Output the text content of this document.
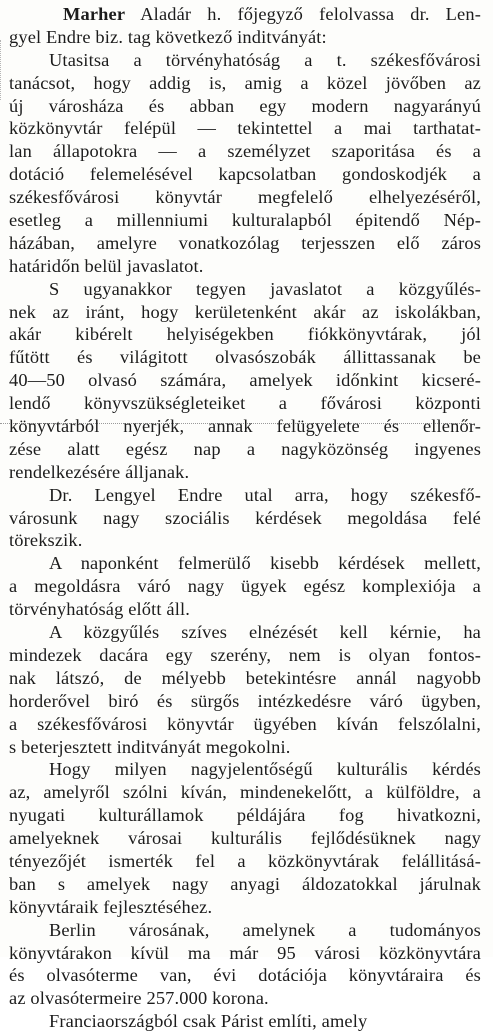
Marher Aladár h. főjegyző felolvassa dr. Len-
gyel Endre biz. tag következő inditványát:
Utasitsa a törvényhatóság a t. székesfővárosi
tanácsot, hogy addig is, amig a közel jövőben az
új városháza és abban egy modern nagyarányú
közkönyvtár felépül — tekintettel a mai tarthatat-
lan állapotokra — a személyzet szaporitása és a
dotáció felemelésével kapcsolatban gondoskodjék a
székesfővárosi könyvtár megfelelő elhelyezéséről,
esetleg a millenniumi kulturalapból épitendő Nép-
házában, amelyre vonatkozólag terjesszen elő záros
határidőn belül javaslatot.
S ugyanakkor tegyen javaslatot a közgyűlés-
nek az iránt, hogy kerületenként akár az iskolákban,
akár kibérelt helyiségekben fiókkönyvtárak, jól
fűtött és világitott olvasószobák állittassanak be
40—50 olvasó számára, amelyek időnkint kicseré-
lendő könyvszükségleteiket a fővárosi központi
könyvtárból nyerjék, annak felügyelete és ellenőr-
zése alatt egész nap a nagyközönség ingyenes
rendelkezésére álljanak.
Dr. Lengyel Endre utal arra, hogy székesfő-
városunk nagy szociális kérdések megoldása felé
törekszik.
A naponként felmerülő kisebb kérdések mellett,
a megoldásra váró nagy ügyek egész komplexiója a
törvényhatóság előtt áll.
A közgyűlés szíves elnézését kell kérnie, ha
mindezek dacára egy szerény, nem is olyan fontos-
nak látszó, de mélyebb betekintésre annál nagyobb
horderővel biró és sürgős intézkedésre váró ügyben,
a székesfővárosi könyvtár ügyében kíván felszólalni,
s beterjesztett inditványát megokolni.
Hogy milyen nagyjelentőségű kulturális kérdés
az, amelyről szólni kíván, mindenekelőtt, a külföldre, a
nyugati kulturállamok példájára fog hivatkozni,
amelyeknek városai kulturális fejlődésüknek nagy
tényezőjét ismerték fel a közkönyvtárak felállitásá-
ban s amelyek nagy anyagi áldozatokkal járulnak
könyvtáraik fejlesztéséhez.
Berlin városának, amelynek a tudományos
könyvtárakon kívül ma már 95 városi közkönyvtára
és olvasóterme van, évi dotációja könyvtáraira és
az olvasótermeire 257.000 korona.
Franciaországból csak Párist említi, amely
